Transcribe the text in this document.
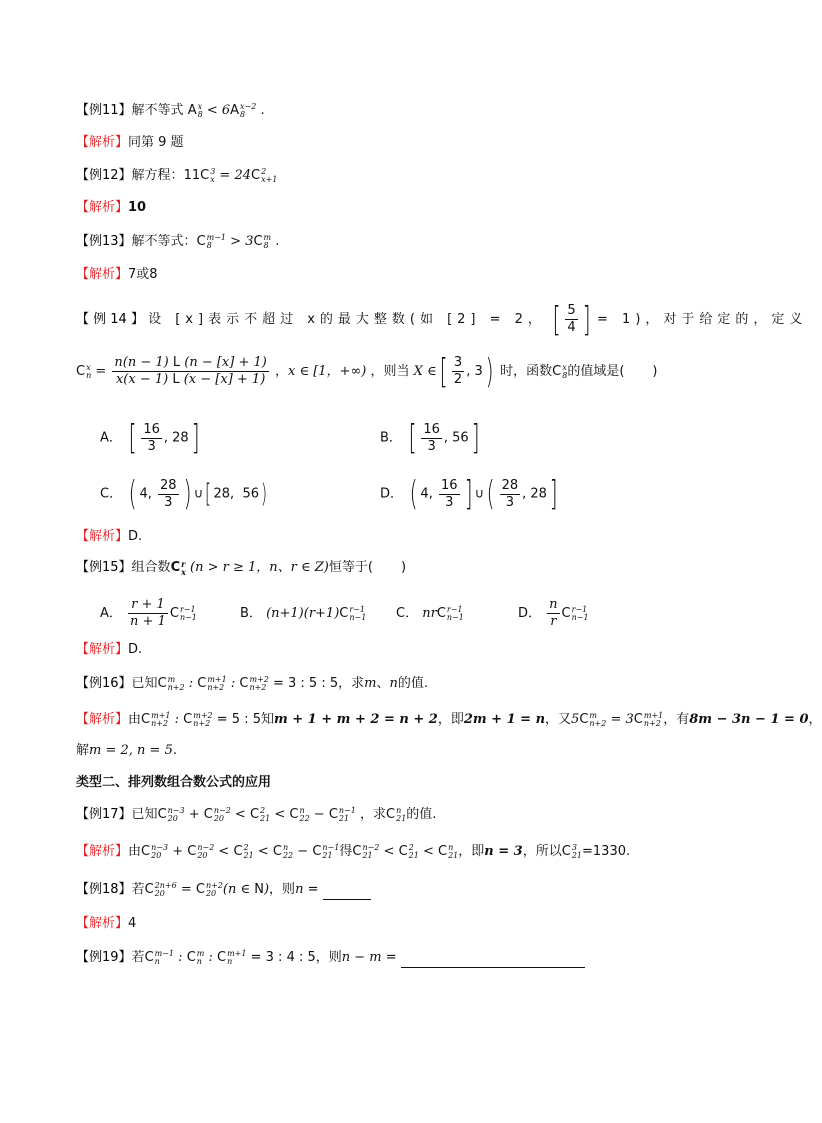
【例11】解不等式 A x
8 < 6A x−2
8	.
【解析】同第 9 题
【例12】解方程：11C 3
x = 24C 2
x+1
【解析】10
【例13】解不等式：C m−1
8	> 3C m
8 .
【解析】7或8
【 例 14 】 设 [x]表示不超过 x的最大整数(如 [2] = 2， [ $\frac{5}{4}$ ] = 1)，对于给定的，定义
C x
$n = \frac{n(n - 1) L (n - [x] + 1)}{x(x - 1) L (x - [x] + 1)}$ ，x ∈ [1，+∞) ，则当 X ∈[ $\frac{3}{2}$ , 3) 时，函数C x
8 的值域是( )
A． [ $\frac{16}{3}$ , 28]	B． [ $\frac{16}{3}$ , 56]
C． ( 4, $\frac{28}{3}$ ) ∪[ 28,  56)	D． ( 4, $\frac{16}{3}$ ] ∪( $\frac{28}{3}$ , 28]
【解析】D.
【例15】组合数C r
x (n > r ≥ 1，n、r ∈ Z)恒等于( )
A． $\frac{r + 1}{n + 1}$ C r−1
n−1	B． (n+1)(r+1)C r−1
n−1 C． nrC r−1
n−1	D． $\frac{n}{r}$ C r−1
n−1
【解析】D.
【例16】已知C m
n+2 : C m+1
n+2 : C m+2
n+2 = 3 : 5 : 5，求m、n的值.
【解析】由C m+1
n+2 : C m+2
n+2 = 5 : 5知m + 1 + m + 2 = n + 2，即2m + 1 = n，又5C m
n+2 = 3C m+1
n+2 ，有8m − 3n − 1 = 0，
解m = 2, n = 5.
类型二、排列数组合数公式的应用
【例17】已知C n−3
20 + C n−2
20 < C 2
21 < C n
22 − C n−1
21 ，求C n
21 的值.
【解析】由C n−3
20 + C n−2
20 < C 2
21 < C n
22 − C n−1
21 得C n−2
21 < C 2
21 < C n
21 ，即n = 3，所以C 3
21 =1330.
【例18】若C 2n+6
20 = C n+2
20 (n ∈ N)，则n =
【解析】4
【例19】若C m−1
n	: C m
n : C m+1
n	= 3 : 4 : 5，则n − m =
